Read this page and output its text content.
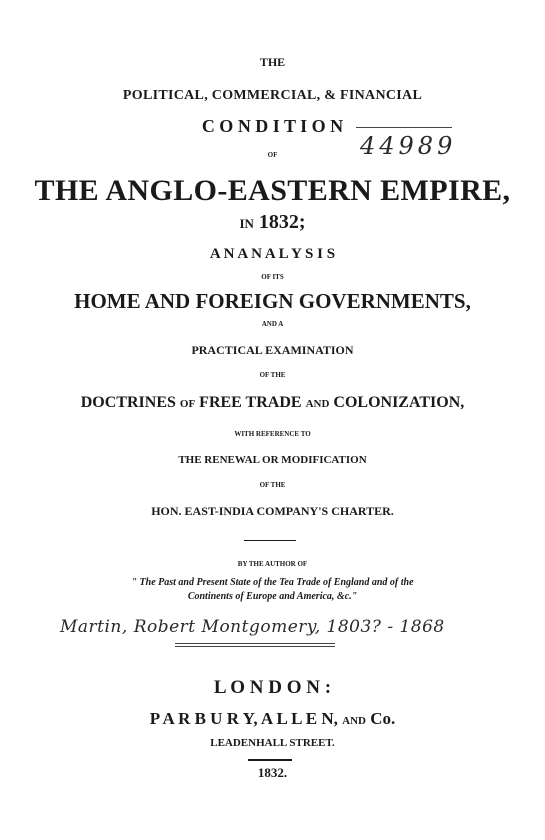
THE
POLITICAL, COMMERCIAL, & FINANCIAL
C O N D I T I O N
OF
THE ANGLO-EASTERN EMPIRE,
IN 1832;
A N A N A L Y S I S
OF ITS
HOME AND FOREIGN GOVERNMENTS,
AND A
PRACTICAL EXAMINATION
OF THE
DOCTRINES OF FREE TRADE AND COLONIZATION,
WITH REFERENCE TO
THE RENEWAL OR MODIFICATION
OF THE
HON. EAST-INDIA COMPANY'S CHARTER.
BY THE AUTHOR OF
" The Past and Present State of the Tea Trade of England and of the
Continents of Europe and America, &c."
Martin, Robert Montgomery, 1803? - 1868
L O N D O N :
P A R B U R Y, A L L E N, AND Co.
LEADENHALL STREET.
1832.
44989
